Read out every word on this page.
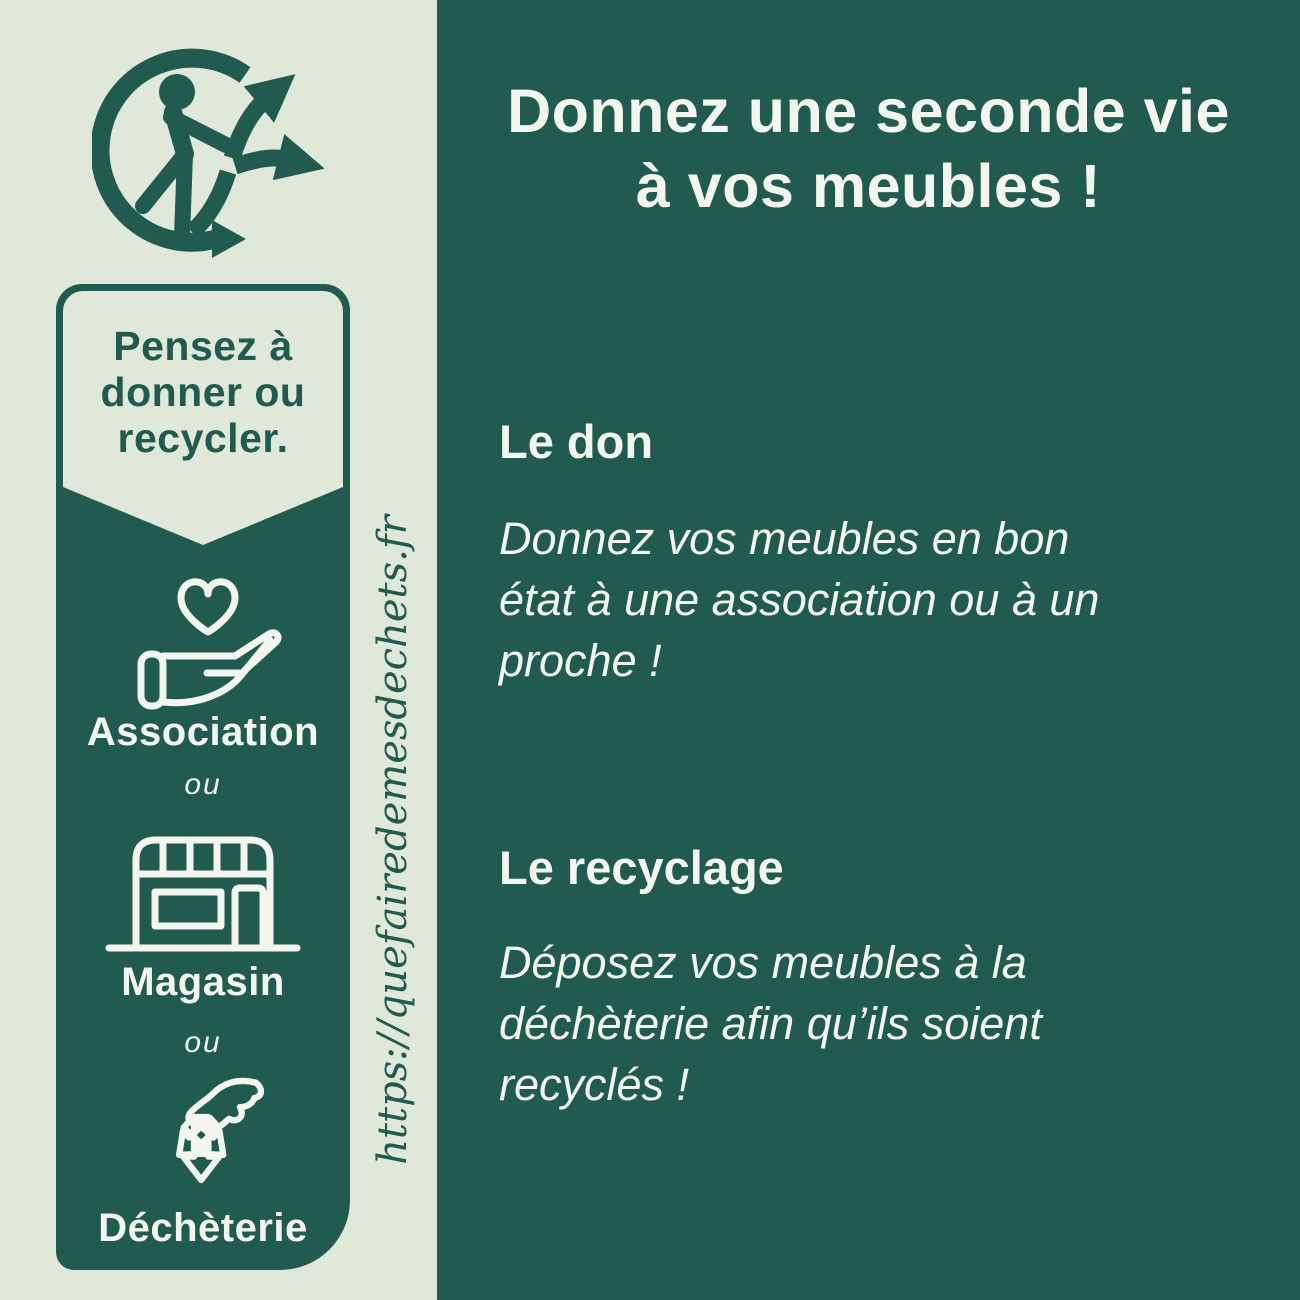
Pensez à
donner ou
recycler.
Association
ou
Magasin
ou
Déchèterie
https://quefairedemesdechets.fr
Donnez une seconde vie
à vos meubles !
Le don
Donnez vos meubles en bon
état à une association ou à un
proche !
Le recyclage
Déposez vos meubles à la
déchèterie afin qu’ils soient
recyclés !
